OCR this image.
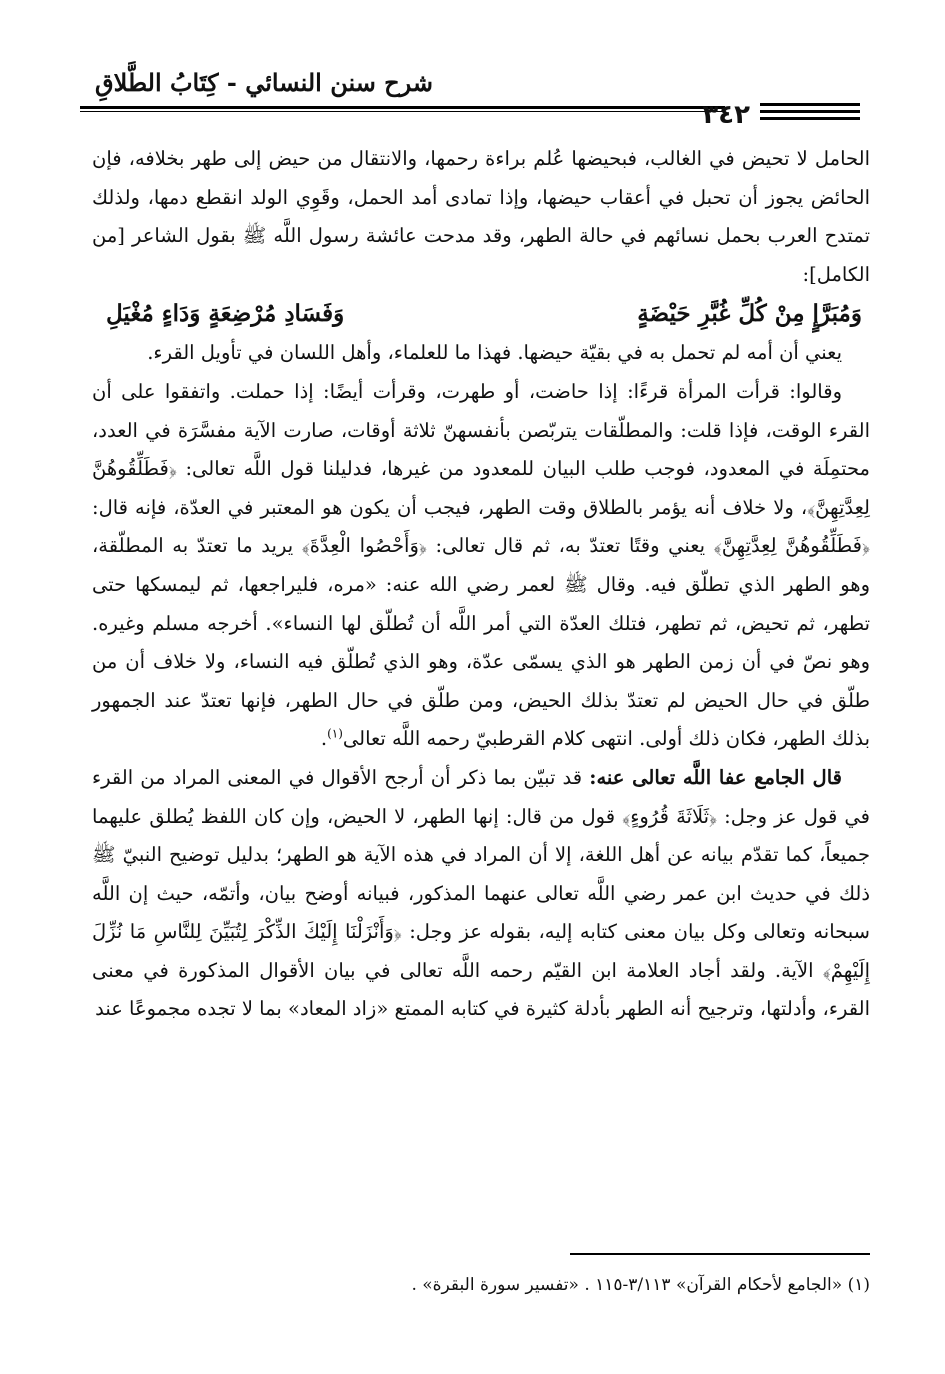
شرح سنن النسائي - كِتَابُ الطَّلاقِ
٣٤٢

الحامل لا تحيض في الغالب، فبحيضها عُلم براءة رحمها، والانتقال من حيض إلى طهر بخلافه، فإن الحائض يجوز أن تحبل في أعقاب حيضها، وإذا تمادى أمد الحمل، وقَوِي الولد انقطع دمها، ولذلك تمتدح العرب بحمل نسائهم في حالة الطهر، وقد مدحت عائشة رسول اللَّه ﷺ بقول الشاعر [من الكامل]:

وَمُبَرَّإٍ مِنْ كُلِّ غُبَّرِ حَيْضَةٍ
وَفَسَادِ مُرْضِعَةٍ وَدَاءٍ مُغْيَلِ

يعني أن أمه لم تحمل به في بقيّة حيضها. فهذا ما للعلماء، وأهل اللسان في تأويل القرء.

وقالوا: قرأت المرأة قرءًا: إذا حاضت، أو طهرت، وقرأت أيضًا: إذا حملت. واتفقوا على أن القرء الوقت، فإذا قلت: والمطلّقات يتربّصن بأنفسهنّ ثلاثة أوقات، صارت الآية مفسَّرَة في العدد، محتمِلَة في المعدود، فوجب طلب البيان للمعدود من غيرها، فدليلنا قول اللَّه تعالى: ﴿فَطَلِّقُوهُنَّ لِعِدَّتِهِنَّ﴾، ولا خلاف أنه يؤمر بالطلاق وقت الطهر، فيجب أن يكون هو المعتبر في العدّة، فإنه قال: ﴿فَطَلِّقُوهُنَّ لِعِدَّتِهِنَّ﴾ يعني وقتًا تعتدّ به، ثم قال تعالى: ﴿وَأَحْصُوا الْعِدَّةَ﴾ يريد ما تعتدّ به المطلّقة، وهو الطهر الذي تطلّق فيه. وقال ﷺ لعمر رضي الله عنه: «مره، فليراجعها، ثم ليمسكها حتى تطهر، ثم تحيض، ثم تطهر، فتلك العدّة التي أمر اللَّه أن تُطلّق لها النساء». أخرجه مسلم وغيره. وهو نصّ في أن زمن الطهر هو الذي يسمّى عدّة، وهو الذي تُطلّق فيه النساء، ولا خلاف أن من طلّق في حال الحيض لم تعتدّ بذلك الحيض، ومن طلّق في حال الطهر، فإنها تعتدّ عند الجمهور بذلك الطهر، فكان ذلك أولى. انتهى كلام القرطبيّ رحمه اللَّه تعالى$^{(١)}$.

قال الجامع عفا اللَّه تعالى عنه: قد تبيّن بما ذكر أن أرجح الأقوال في المعنى المراد من القرء في قول عز وجل: ﴿ثَلَاثَةَ قُرُوءٍ﴾ قول من قال: إنها الطهر، لا الحيض، وإن كان اللفظ يُطلق عليهما جميعاً، كما تقدّم بيانه عن أهل اللغة، إلا أن المراد في هذه الآية هو الطهر؛ بدليل توضيح النبيّ ﷺ ذلك في حديث ابن عمر رضي اللَّه تعالى عنهما المذكور، فبيانه أوضح بيان، وأتمّه، حيث إن اللَّه سبحانه وتعالى وكل بيان معنى كتابه إليه، بقوله عز وجل: ﴿وَأَنْزَلْنَا إِلَيْكَ الذِّكْرَ لِتُبَيِّنَ لِلنَّاسِ مَا نُزِّلَ إِلَيْهِمْ﴾ الآية. ولقد أجاد العلامة ابن القيّم رحمه اللَّه تعالى في بيان الأقوال المذكورة في معنى القرء، وأدلتها، وترجيح أنه الطهر بأدلة كثيرة في كتابه الممتع «زاد المعاد» بما لا تجده مجموعًا عند

(١) «الجامع لأحكام القرآن» ٣/١١٣-١١٥ . «تفسير سورة البقرة» .
